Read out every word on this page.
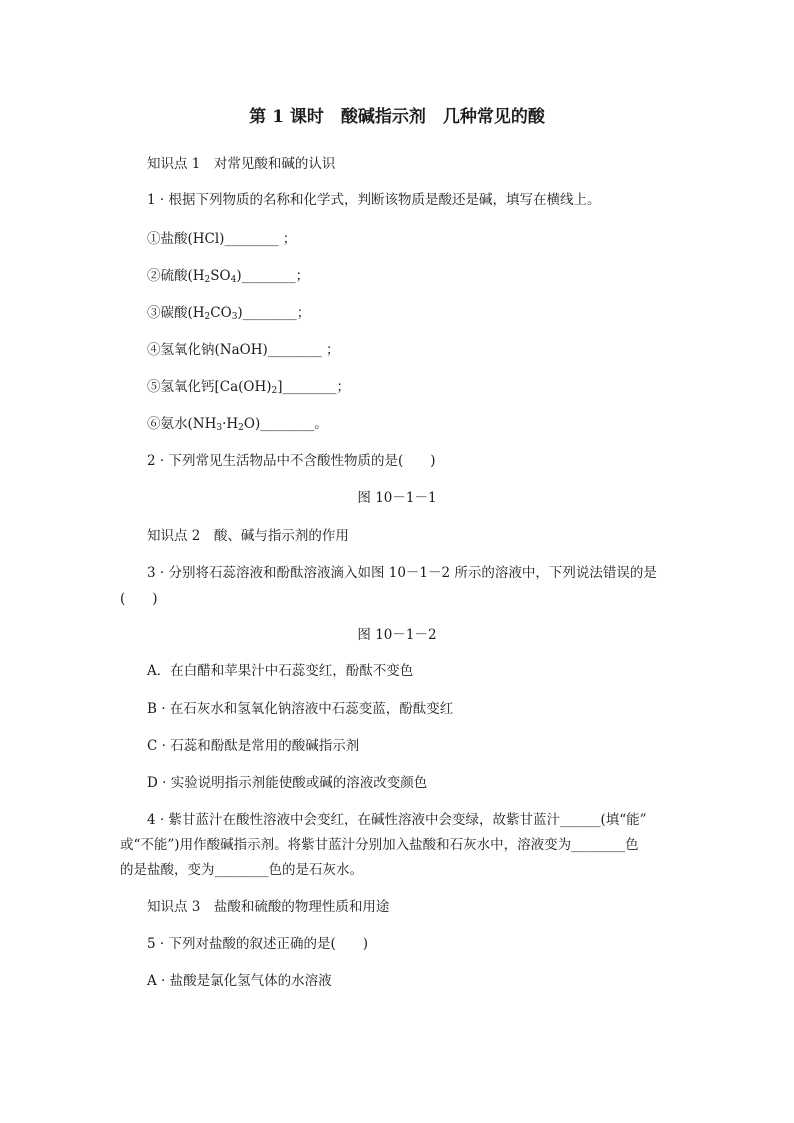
第 1 课时　酸碱指示剂　几种常见的酸
知识点 1　对常见酸和碱的认识
1 · 根据下列物质的名称和化学式，判断该物质是酸还是碱，填写在横线上。
①盐酸(HCl)________ ；
②硫酸$(H_2SO_4)\_\_\_\_\_\_\_\_$；
③碳酸$(H_2CO_3)\_\_\_\_\_\_\_\_$；
④氢氧化钠(NaOH)________ ；
⑤氢氧化钙$[Ca(OH)_2]\_\_\_\_\_\_\_\_$；
⑥氨水$(NH_3\cdot H_2O)\_\_\_\_\_\_\_\_$。
2 · 下列常见生活物品中不含酸性物质的是(　　)
图 10－1－1
知识点 2　酸、碱与指示剂的作用
3 · 分别将石蕊溶液和酚酞溶液滴入如图 10－1－2 所示的溶液中，下列说法错误的是
(　　)
图 10－1－2
A．在白醋和苹果汁中石蕊变红，酚酞不变色
B · 在石灰水和氢氧化钠溶液中石蕊变蓝，酚酞变红
C · 石蕊和酚酞是常用的酸碱指示剂
D · 实验说明指示剂能使酸或碱的溶液改变颜色
4 · 紫甘蓝汁在酸性溶液中会变红，在碱性溶液中会变绿，故紫甘蓝汁______(填“能”
或“不能”)用作酸碱指示剂。将紫甘蓝汁分别加入盐酸和石灰水中，溶液变为________色
的是盐酸，变为________色的是石灰水。
知识点 3　盐酸和硫酸的物理性质和用途
5 · 下列对盐酸的叙述正确的是(　　)
A · 盐酸是氯化氢气体的水溶液
